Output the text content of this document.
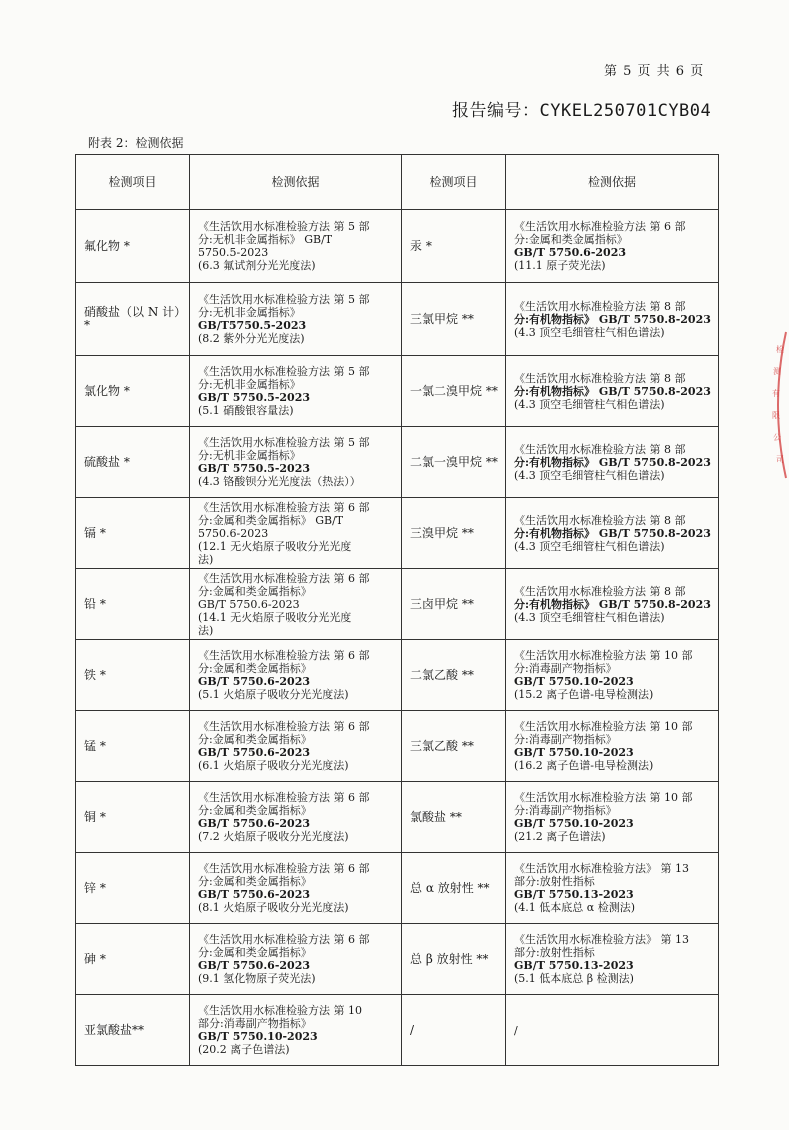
第 5 页 共 6 页
报告编号：CYKEL250701CYB04
附表 2：检测依据
检测项目	检测依据	检测项目	检测依据
氟化物 *	《生活饮用水标准检验方法 第 5 部
分:无机非金属指标》 GB/T
5750.5-2023
(6.3 氟试剂分光光度法)	汞 *	《生活饮用水标准检验方法 第 6 部
分:金属和类金属指标》
GB/T 5750.6-2023
(11.1 原子荧光法)

硝酸盐（以 N 计）*	《生活饮用水标准检验方法 第 5 部
分:无机非金属指标》
GB/T5750.5-2023
(8.2 紫外分光光度法)	三氯甲烷 **	《生活饮用水标准检验方法 第 8 部
分:有机物指标》 GB/T 5750.8-2023
(4.3 顶空毛细管柱气相色谱法)

氯化物 *	《生活饮用水标准检验方法 第 5 部
分:无机非金属指标》
GB/T 5750.5-2023
(5.1 硝酸银容量法)	一氯二溴甲烷 **	《生活饮用水标准检验方法 第 8 部
分:有机物指标》 GB/T 5750.8-2023
(4.3 顶空毛细管柱气相色谱法)

硫酸盐 *	《生活饮用水标准检验方法 第 5 部
分:无机非金属指标》
GB/T 5750.5-2023
(4.3 铬酸钡分光光度法（热法））	二氯一溴甲烷 **	《生活饮用水标准检验方法 第 8 部
分:有机物指标》 GB/T 5750.8-2023
(4.3 顶空毛细管柱气相色谱法)

镉 *	《生活饮用水标准检验方法 第 6 部
分:金属和类金属指标》 GB/T
5750.6-2023
(12.1 无火焰原子吸收分光光度
法)	三溴甲烷 **	《生活饮用水标准检验方法 第 8 部
分:有机物指标》 GB/T 5750.8-2023
(4.3 顶空毛细管柱气相色谱法)

铅 *	《生活饮用水标准检验方法 第 6 部
分:金属和类金属指标》
GB/T 5750.6-2023
(14.1 无火焰原子吸收分光光度
法)	三卤甲烷 **	《生活饮用水标准检验方法 第 8 部
分:有机物指标》 GB/T 5750.8-2023
(4.3 顶空毛细管柱气相色谱法)

铁 *	《生活饮用水标准检验方法 第 6 部
分:金属和类金属指标》
GB/T 5750.6-2023
(5.1 火焰原子吸收分光光度法)	二氯乙酸 **	《生活饮用水标准检验方法 第 10 部
分:消毒副产物指标》
GB/T 5750.10-2023
(15.2 离子色谱-电导检测法)

锰 *	《生活饮用水标准检验方法 第 6 部
分:金属和类金属指标》
GB/T 5750.6-2023
(6.1 火焰原子吸收分光光度法)	三氯乙酸 **	《生活饮用水标准检验方法 第 10 部
分:消毒副产物指标》
GB/T 5750.10-2023
(16.2 离子色谱-电导检测法)

铜 *	《生活饮用水标准检验方法 第 6 部
分:金属和类金属指标》
GB/T 5750.6-2023
(7.2 火焰原子吸收分光光度法)	氯酸盐 **	《生活饮用水标准检验方法 第 10 部
分:消毒副产物指标》
GB/T 5750.10-2023
(21.2 离子色谱法)

锌 *	《生活饮用水标准检验方法 第 6 部
分:金属和类金属指标》
GB/T 5750.6-2023
(8.1 火焰原子吸收分光光度法)	总 α 放射性 **	《生活饮用水标准检验方法》 第 13
部分:放射性指标
GB/T 5750.13-2023
(4.1 低本底总 α 检测法)

砷 *	《生活饮用水标准检验方法 第 6 部
分:金属和类金属指标》
GB/T 5750.6-2023
(9.1 氢化物原子荧光法)	总 β 放射性 **	《生活饮用水标准检验方法》 第 13
部分:放射性指标
GB/T 5750.13-2023
(5.1 低本底总 β 检测法)

亚氯酸盐**	《生活饮用水标准检验方法 第 10
部分:消毒副产物指标》
GB/T 5750.10-2023
(20.2 离子色谱法)	/	/
检
测
有
限
公
司
